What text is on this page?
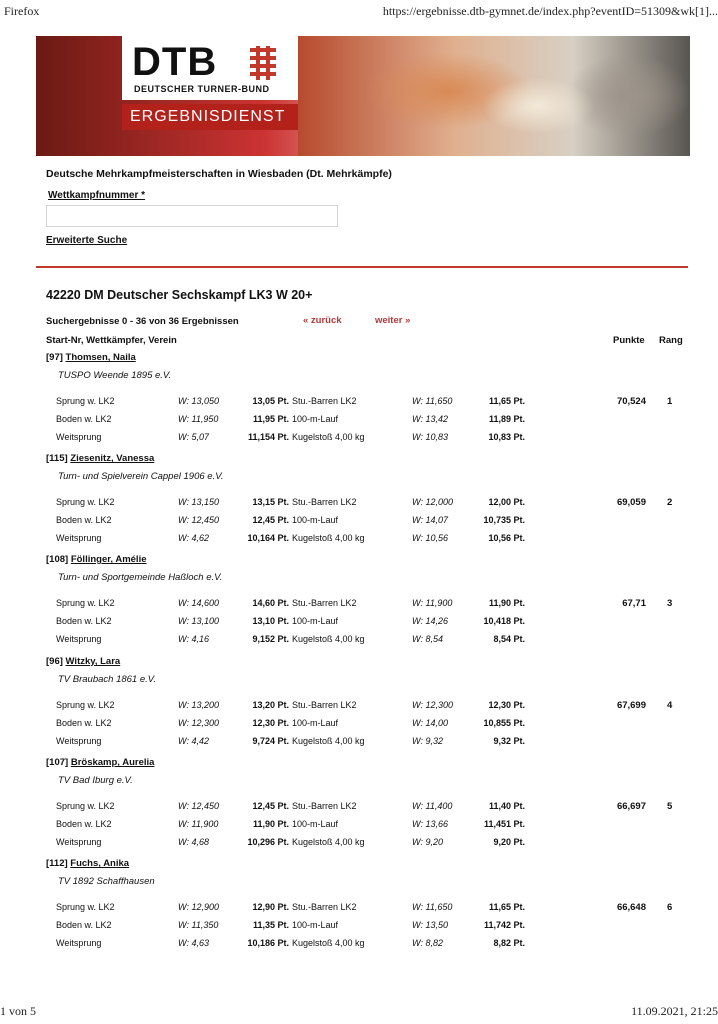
Firefox	https://ergebnisse.dtb-gymnet.de/index.php?eventID=51309&wk[1]...
DTB
DEUTSCHER TURNER-BUND
ERGEBNISDIENST
Deutsche Mehrkampfmeisterschaften in Wiesbaden (Dt. Mehrkämpfe)
Wettkampfnummer *
Erweiterte Suche
42220 DM Deutscher Sechskampf LK3 W 20+
Suchergebnisse 0 - 36 von 36 Ergebnissen	« zurück	weiter »
Start-Nr, Wettkämpfer, Verein	Punkte Rang
[97] Thomsen, Naila
TUSPO Weende 1895 e.V.
Sprung w. LK2	W: 13,050	13,05 Pt. Stu.-Barren LK2	W: 11,650	11,65 Pt.
Boden w. LK2	W: 11,950	11,95 Pt. 100-m-Lauf	W: 13,42	11,89 Pt.
Weitsprung	W: 5,07	11,154 Pt. Kugelstoß 4,00 kg	W: 10,83	10,83 Pt.
70,524 1
[115] Ziesenitz, Vanessa
Turn- und Spielverein Cappel 1906 e.V.
Sprung w. LK2	W: 13,150	13,15 Pt. Stu.-Barren LK2	W: 12,000	12,00 Pt.
Boden w. LK2	W: 12,450	12,45 Pt. 100-m-Lauf	W: 14,07	10,735 Pt.
Weitsprung	W: 4,62	10,164 Pt. Kugelstoß 4,00 kg	W: 10,56	10,56 Pt.
69,059 2
[108] Föllinger, Amélie
Turn- und Sportgemeinde Haßloch e.V.
Sprung w. LK2	W: 14,600	14,60 Pt. Stu.-Barren LK2	W: 11,900	11,90 Pt.
Boden w. LK2	W: 13,100	13,10 Pt. 100-m-Lauf	W: 14,26	10,418 Pt.
Weitsprung	W: 4,16	9,152 Pt. Kugelstoß 4,00 kg	W: 8,54	8,54 Pt.
67,71 3
[96] Witzky, Lara
TV Braubach 1861 e.V.
Sprung w. LK2	W: 13,200	13,20 Pt. Stu.-Barren LK2	W: 12,300	12,30 Pt.
Boden w. LK2	W: 12,300	12,30 Pt. 100-m-Lauf	W: 14,00	10,855 Pt.
Weitsprung	W: 4,42	9,724 Pt. Kugelstoß 4,00 kg	W: 9,32	9,32 Pt.
67,699 4
[107] Bröskamp, Aurelia
TV Bad Iburg e.V.
Sprung w. LK2	W: 12,450	12,45 Pt. Stu.-Barren LK2	W: 11,400	11,40 Pt.
Boden w. LK2	W: 11,900	11,90 Pt. 100-m-Lauf	W: 13,66	11,451 Pt.
Weitsprung	W: 4,68	10,296 Pt. Kugelstoß 4,00 kg	W: 9,20	9,20 Pt.
66,697 5
[112] Fuchs, Anika
TV 1892 Schaffhausen
Sprung w. LK2	W: 12,900	12,90 Pt. Stu.-Barren LK2	W: 11,650	11,65 Pt.
Boden w. LK2	W: 11,350	11,35 Pt. 100-m-Lauf	W: 13,50	11,742 Pt.
Weitsprung	W: 4,63	10,186 Pt. Kugelstoß 4,00 kg	W: 8,82	8,82 Pt.
66,648 6
1 von 5	11.09.2021, 21:25
